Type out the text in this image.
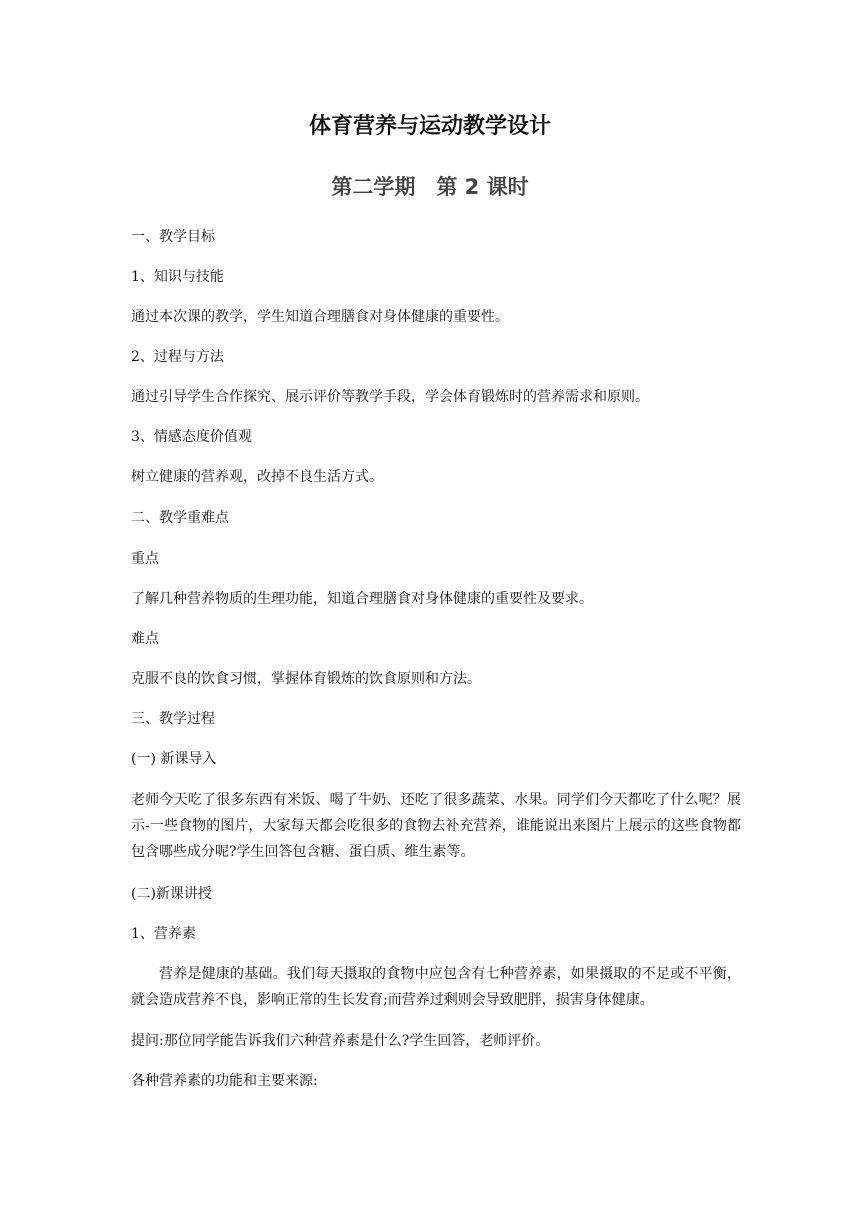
体育营养与运动教学设计
第二学期　第 2 课时
一、教学目标
1、知识与技能
通过本次课的教学，学生知道合理膳食对身体健康的重要性。
2、过程与方法
通过引导学生合作探究、展示评价等教学手段，学会体育锻炼时的营养需求和原则。
3、情感态度价值观
树立健康的营养观，改掉不良生活方式。
二、教学重难点
重点
了解几种营养物质的生理功能，知道合理膳食对身体健康的重要性及要求。
难点
克服不良的饮食习惯，掌握体育锻炼的饮食原则和方法。
三、教学过程
(一) 新课导入
老师今天吃了很多东西有米饭、喝了牛奶、还吃了很多蔬菜、水果。同学们今天都吃了什么呢？展示-一些食物的图片，大家每天都会吃很多的食物去补充营养，谁能说出来图片上展示的这些食物都包含哪些成分呢?学生回答包含糖、蛋白质、维生素等。
(二)新课讲授
1、营养素
营养是健康的基础。我们每天摄取的食物中应包含有七种营养素，如果摄取的不足或不平衡，就会造成营养不良，影响正常的生长发育;而营养过剩则会导致肥胖，损害身体健康。
提问:那位同学能告诉我们六种营养素是什么?学生回答，老师评价。
各种营养素的功能和主要来源:
